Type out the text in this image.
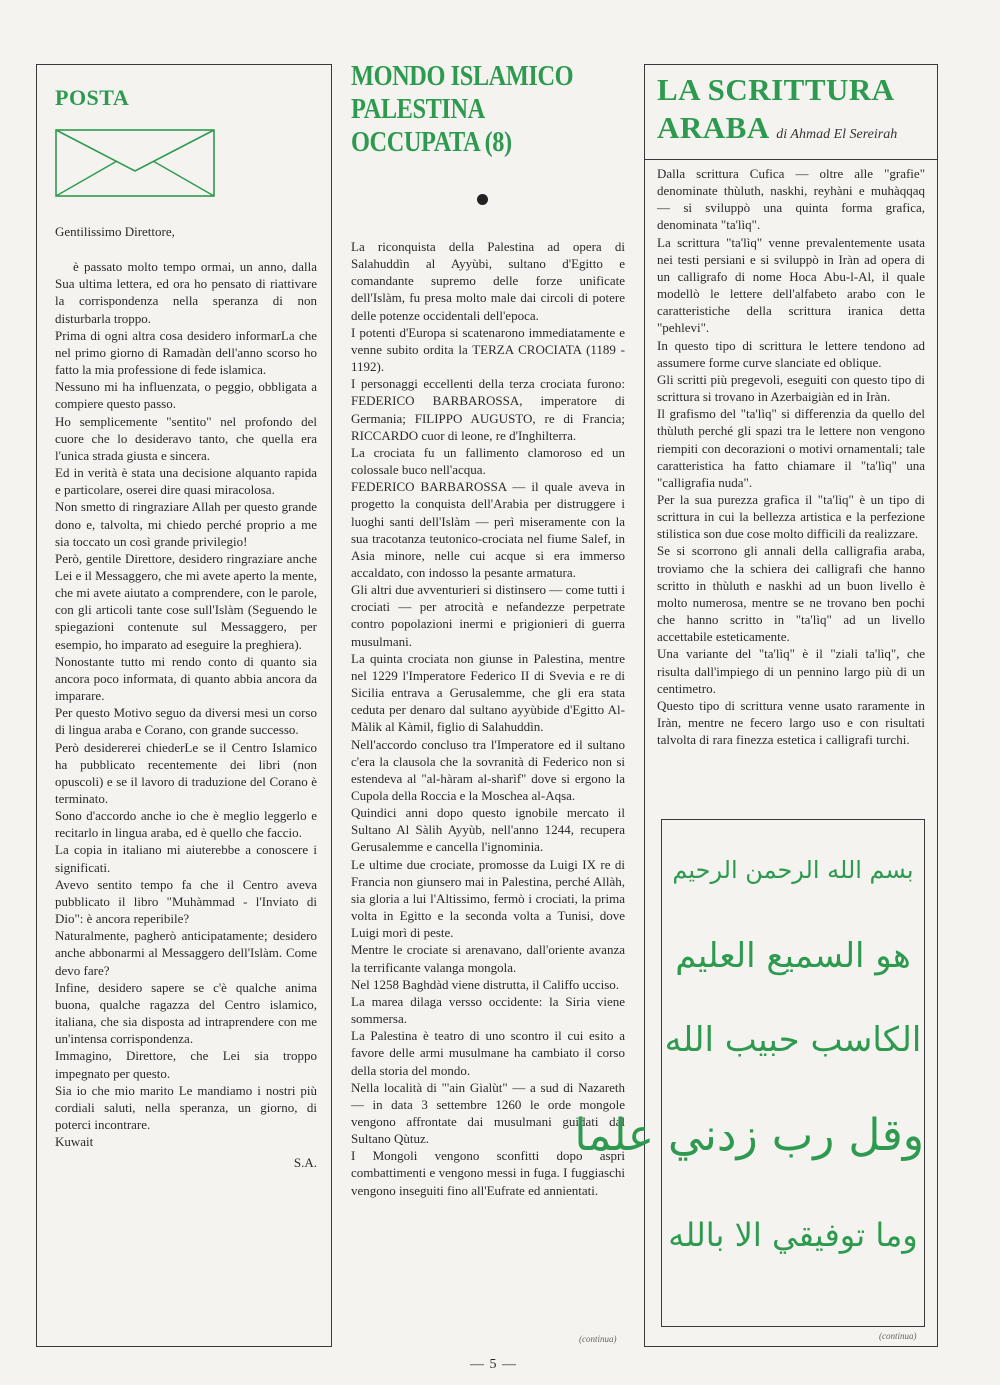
POSTA

Gentilissimo Direttore,

è passato molto tempo ormai, un anno, dalla Sua ultima lettera, ed ora ho pensato di riattivare la corrispondenza nella speranza di non disturbarla troppo.

Prima di ogni altra cosa desidero informarLa che nel primo giorno di Ramadàn dell'anno scorso ho fatto la mia professione di fede islamica.

Nessuno mi ha influenzata, o peggio, obbligata a compiere questo passo.

Ho semplicemente "sentito" nel profondo del cuore che lo desideravo tanto, che quella era l'unica strada giusta e sincera.

Ed in verità è stata una decisione alquanto rapida e particolare, oserei dire quasi miracolosa.

Non smetto di ringraziare Allah per questo grande dono e, talvolta, mi chiedo perché proprio a me sia toccato un così grande privilegio!

Però, gentile Direttore, desidero ringraziare anche Lei e il Messaggero, che mi avete aperto la mente, che mi avete aiutato a comprendere, con le parole, con gli articoli tante cose sull'Islàm (Seguendo le spiegazioni contenute sul Messaggero, per esempio, ho imparato ad eseguire la preghiera).

Nonostante tutto mi rendo conto di quanto sia ancora poco informata, di quanto abbia ancora da imparare.

Per questo Motivo seguo da diversi mesi un corso di lingua araba e Corano, con grande successo.

Però desidererei chiederLe se il Centro Islamico ha pubblicato recentemente dei libri (non opuscoli) e se il lavoro di traduzione del Corano è terminato.

Sono d'accordo anche io che è meglio leggerlo e recitarlo in lingua araba, ed è quello che faccio.

La copia in italiano mi aiuterebbe a conoscere i significati.

Avevo sentito tempo fa che il Centro aveva pubblicato il libro "Muhàmmad - l'Inviato di Dio": è ancora reperibile?

Naturalmente, pagherò anticipatamente; desidero anche abbonarmi al Messaggero dell'Islàm. Come devo fare?

Infine, desidero sapere se c'è qualche anima buona, qualche ragazza del Centro islamico, italiana, che sia disposta ad intraprendere con me un'intensa corrispondenza.

Immagino, Direttore, che Lei sia troppo impegnato per questo.

Sia io che mio marito Le mandiamo i nostri più cordiali saluti, nella speranza, un giorno, di poterci incontrare.

Kuwait

S.A.

MONDO ISLAMICO
PALESTINA
OCCUPATA (8)

La riconquista della Palestina ad opera di Salahuddìn al Ayyùbi, sultano d'Egitto e comandante supremo delle forze unificate dell'Islàm, fu presa molto male dai circoli di potere delle potenze occidentali dell'epoca.

I potenti d'Europa si scatenarono immediatamente e venne subito ordita la TERZA CROCIATA (1189 - 1192).

I personaggi eccellenti della terza crociata furono: FEDERICO BARBAROSSA, imperatore di Germania; FILIPPO AUGUSTO, re di Francia; RICCARDO cuor di leone, re d'Inghilterra.

La crociata fu un fallimento clamoroso ed un colossale buco nell'acqua.

FEDERICO BARBAROSSA — il quale aveva in progetto la conquista dell'Arabia per distruggere i luoghi santi dell'Islàm — perì miseramente con la sua tracotanza teutonico-crociata nel fiume Salef, in Asia minore, nelle cui acque si era immerso accaldato, con indosso la pesante armatura.

Gli altri due avventurieri si distinsero — come tutti i crociati — per atrocità e nefandezze perpetrate contro popolazioni inermi e prigionieri di guerra musulmani.

La quinta crociata non giunse in Palestina, mentre nel 1229 l'Imperatore Federico II di Svevia e re di Sicilia entrava a Gerusalemme, che gli era stata ceduta per denaro dal sultano ayyùbide d'Egitto Al-Màlik al Kàmil, figlio di Salahuddìn.

Nell'accordo concluso tra l'Imperatore ed il sultano c'era la clausola che la sovranità di Federico non si estendeva al "al-hàram al-sharìf" dove si ergono la Cupola della Roccia e la Moschea al-Aqsa.

Quindici anni dopo questo ignobile mercato il Sultano Al Sàlih Ayyùb, nell'anno 1244, recupera Gerusalemme e cancella l'ignominia.

Le ultime due crociate, promosse da Luigi IX re di Francia non giunsero mai in Palestina, perché Allàh, sia gloria a lui l'Altissimo, fermò i crociati, la prima volta in Egitto e la seconda volta a Tunisi, dove Luigi morì di peste.

Mentre le crociate si arenavano, dall'oriente avanza la terrificante valanga mongola.

Nel 1258 Baghdàd viene distrutta, il Califfo ucciso.

La marea dilaga versso occidente: la Siria viene sommersa.

La Palestina è teatro di uno scontro il cui esito a favore delle armi musulmane ha cambiato il corso della storia del mondo.

Nella località di "'ain Gialùt" — a sud di Nazareth — in data 3 settembre 1260 le orde mongole vengono affrontate dai musulmani guidati dal Sultano Qùtuz.

I Mongoli vengono sconfitti dopo aspri combattimenti e vengono messi in fuga. I fuggiaschi vengono inseguiti fino all'Eufrate ed annientati.

(continua)
LA SCRITTURA
ARABA di Ahmad El Sereirah

Dalla scrittura Cufica — oltre alle "grafie" denominate thùluth, naskhi, reyhàni e muhàqqaq — si sviluppò una quinta forma grafica, denominata "ta'lìq".

La scrittura "ta'lìq" venne prevalentemente usata nei testi persiani e si sviluppò in Iràn ad opera di un calligrafo di nome Hoca Abu-l-Al, il quale modellò le lettere dell'alfabeto arabo con le caratteristiche della scrittura iranica detta "pehlevi".

In questo tipo di scrittura le lettere tendono ad assumere forme curve slanciate ed oblique.

Gli scritti più pregevoli, eseguiti con questo tipo di scrittura si trovano in Azerbaigiàn ed in Iràn.

Il grafismo del "ta'lìq" si differenzia da quello del thùluth perché gli spazi tra le lettere non vengono riempiti con decorazioni o motivi ornamentali; tale caratteristica ha fatto chiamare il "ta'lìq" una "calligrafia nuda".

Per la sua purezza grafica il "ta'lìq" è un tipo di scrittura in cui la bellezza artistica e la perfezione stilistica son due cose molto difficili da realizzare.

Se si scorrono gli annali della calligrafia araba, troviamo che la schiera dei calligrafi che hanno scritto in thùluth e naskhi ad un buon livello è molto numerosa, mentre se ne trovano ben pochi che hanno scritto in "ta'lìq" ad un livello accettabile esteticamente.

Una variante del "ta'lìq" è il "ziali ta'lìq", che risulta dall'impiego di un pennino largo più di un centimetro.

Questo tipo di scrittura venne usato raramente in Iràn, mentre ne fecero largo uso e con risultati talvolta di rara finezza estetica i calligrafi turchi.

بسم الله الرحمن الرحيم
هو السميع العليم
الكاسب حبيب الله
وقل رب زدني علما
وما توفيقي الا بالله
(continua)
— 5 —
